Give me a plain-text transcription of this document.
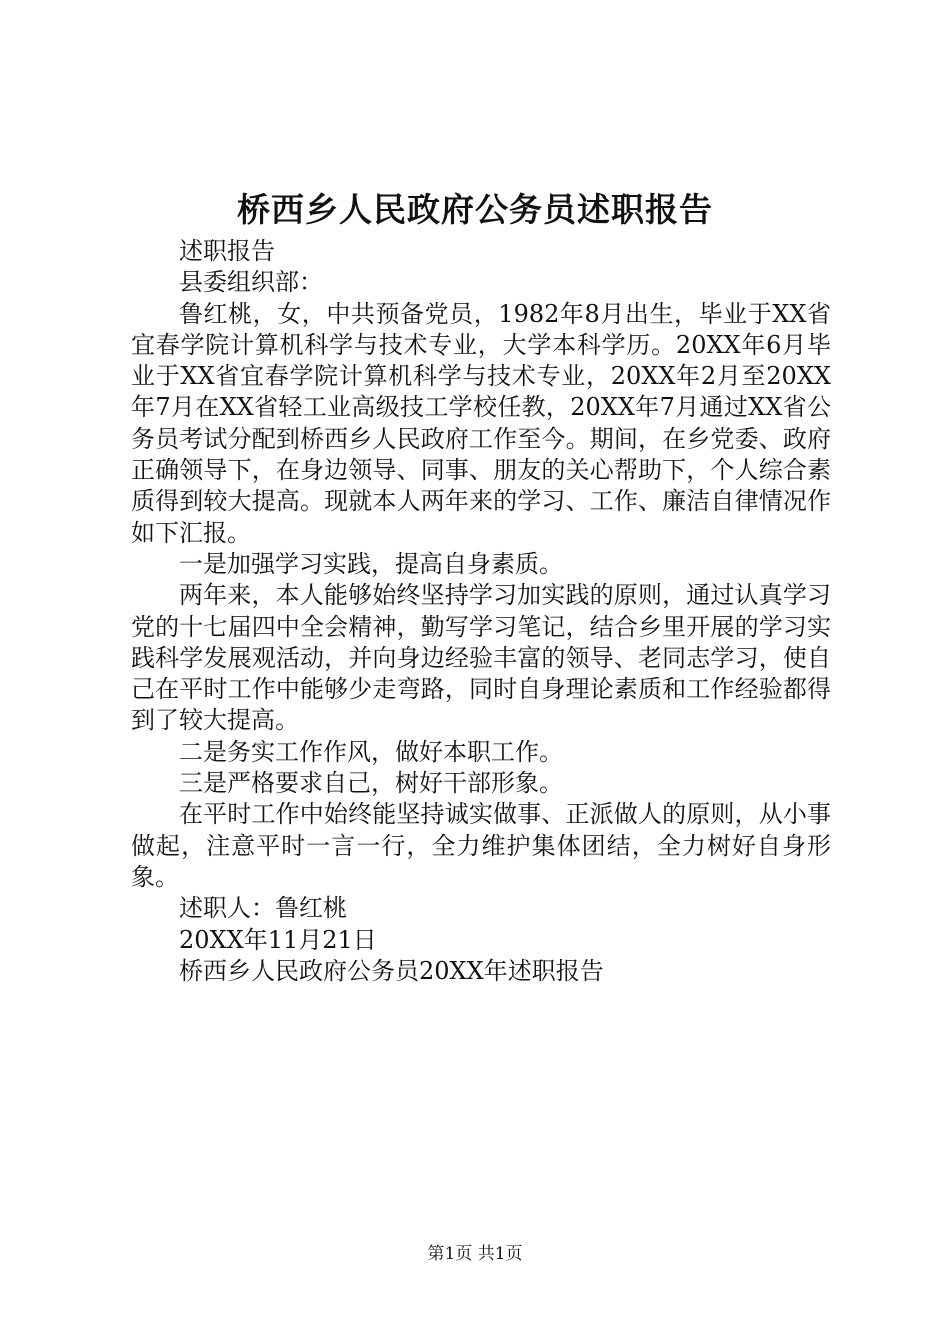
桥西乡人民政府公务员述职报告

述职报告

县委组织部：

鲁红桃，女，中共预备党员，1982年8月出生，毕业于XX省宜春学院计算机科学与技术专业，大学本科学历。20XX年6月毕业于XX省宜春学院计算机科学与技术专业，20XX年2月至20XX年7月在XX省轻工业高级技工学校任教，20XX年7月通过XX省公务员考试分配到桥西乡人民政府工作至今。期间，在乡党委、政府正确领导下，在身边领导、同事、朋友的关心帮助下，个人综合素质得到较大提高。现就本人两年来的学习、工作、廉洁自律情况作如下汇报。

一是加强学习实践，提高自身素质。

两年来，本人能够始终坚持学习加实践的原则，通过认真学习党的十七届四中全会精神，勤写学习笔记，结合乡里开展的学习实践科学发展观活动，并向身边经验丰富的领导、老同志学习，使自己在平时工作中能够少走弯路，同时自身理论素质和工作经验都得到了较大提高。

二是务实工作作风，做好本职工作。

三是严格要求自己，树好干部形象。

在平时工作中始终能坚持诚实做事、正派做人的原则，从小事做起，注意平时一言一行，全力维护集体团结，全力树好自身形象。

述职人：鲁红桃

20XX年11月21日

桥西乡人民政府公务员20XX年述职报告

第1页 共1页
